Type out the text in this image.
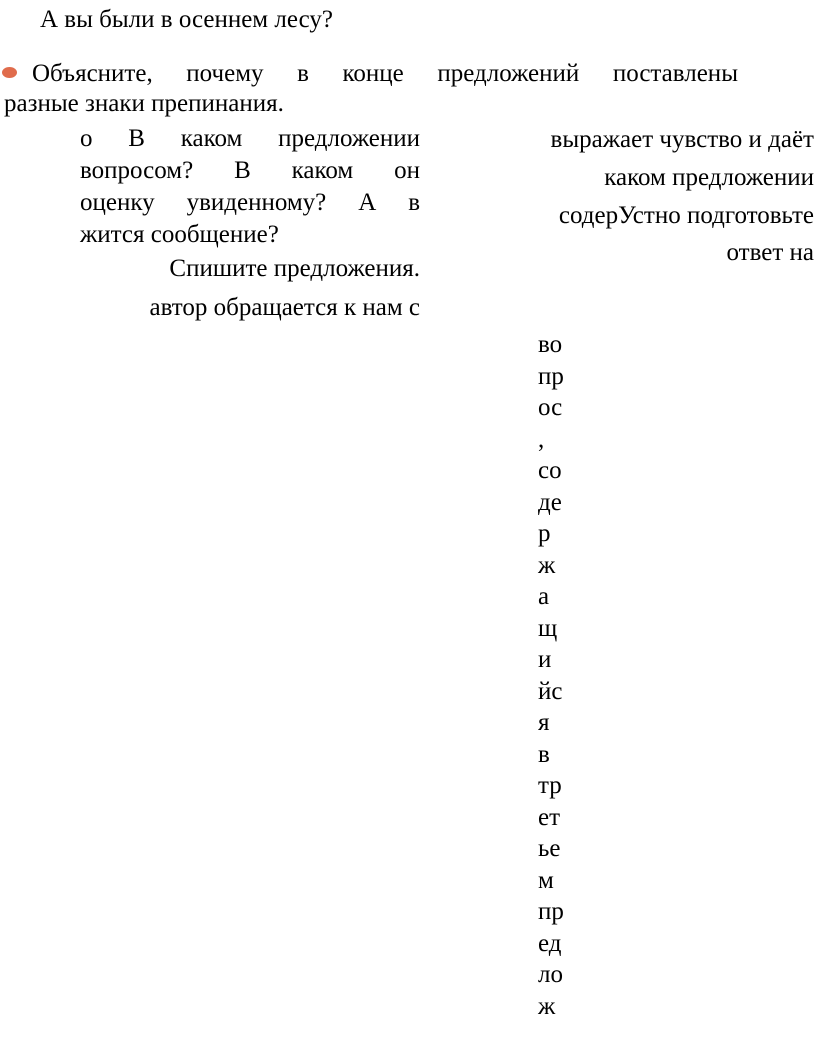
А вы были в осеннем лесу?
Объясните, почему в конце предложений поставлены
разные знаки препинания.
о В каком предложении
вопросом? В каком он
оценку увиденному? А в
жится сообщение?
Спишите предложения.
автор обращается к нам с
выражает чувство и даёт
каком предложении
содерУстно подготовьте
ответ на
во
пр
ос
,
со
де
р
ж
а
щ
и
йс
я
в
тр
ет
ье
м
пр
ед
ло
ж
